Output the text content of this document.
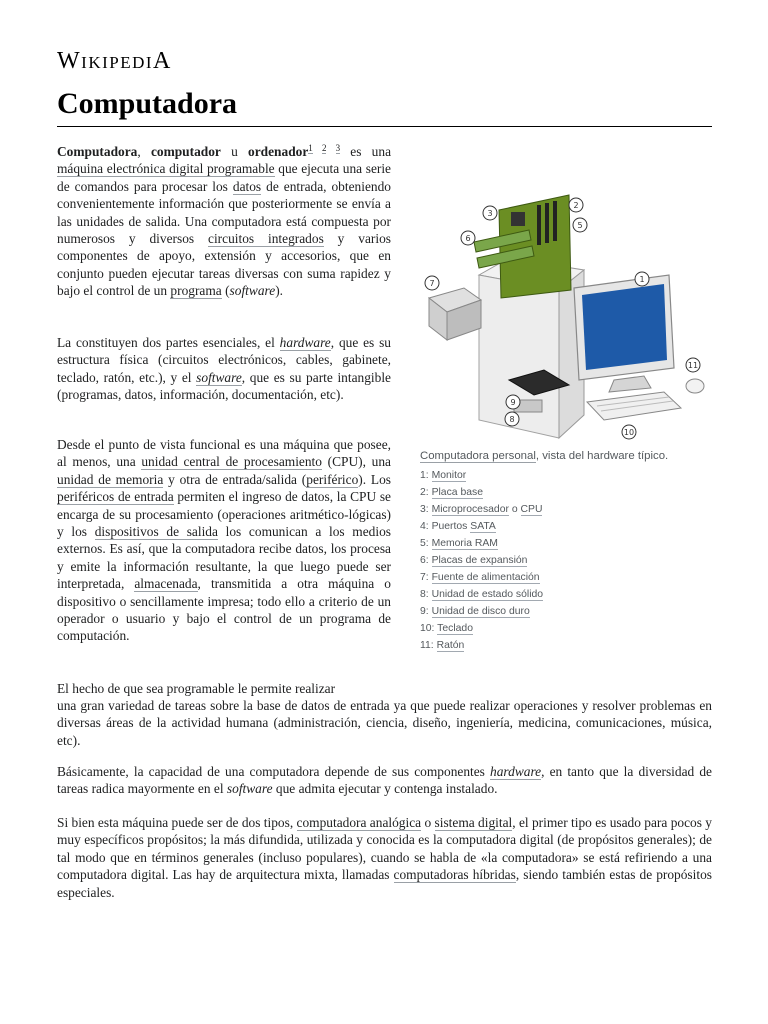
WIKIPEDIA
Computadora

Computadora, computador u ordenador$^{1 2 3}$ es una máquina electrónica digital programable que ejecuta una serie de comandos para procesar los datos de entrada, obteniendo convenientemente información que posteriormente se envía a las unidades de salida. Una computadora está compuesta por numerosos y diversos circuitos integrados y varios componentes de apoyo, extensión y accesorios, que en conjunto pueden ejecutar tareas diversas con suma rapidez y bajo el control de un programa (software).

La constituyen dos partes esenciales, el hardware, que es su estructura física (circuitos electrónicos, cables, gabinete, teclado, ratón, etc.), y el software, que es su parte intangible (programas, datos, información, documentación, etc).

Desde el punto de vista funcional es una máquina que posee, al menos, una unidad central de procesamiento (CPU), una unidad de memoria y otra de entrada/salida (periférico). Los periféricos de entrada permiten el ingreso de datos, la CPU se encarga de su procesamiento (operaciones aritmético-lógicas) y los dispositivos de salida los comunican a los medios externos. Es así, que la computadora recibe datos, los procesa y emite la información resultante, la que luego puede ser interpretada, almacenada, transmitida a otra máquina o dispositivo o sencillamente impresa; todo ello a criterio de un operador o usuario y bajo el control de un programa de computación.

1
2
3
5
6
7
8
9
10
11
Computadora personal, vista del hardware típico.
1: Monitor
2: Placa base
3: Microprocesador o CPU
4: Puertos SATA
5: Memoria RAM
6: Placas de expansión
7: Fuente de alimentación
8: Unidad de estado sólido
9: Unidad de disco duro
10: Teclado
11: Ratón

El hecho de que sea programable le permite realizar

una gran variedad de tareas sobre la base de datos de entrada ya que puede realizar operaciones y resolver problemas en diversas áreas de la actividad humana (administración, ciencia, diseño, ingeniería, medicina, comunicaciones, música, etc).

Básicamente, la capacidad de una computadora depende de sus componentes hardware, en tanto que la diversidad de tareas radica mayormente en el software que admita ejecutar y contenga instalado.

Si bien esta máquina puede ser de dos tipos, computadora analógica o sistema digital, el primer tipo es usado para pocos y muy específicos propósitos; la más difundida, utilizada y conocida es la computadora digital (de propósitos generales); de tal modo que en términos generales (incluso populares), cuando se habla de «la computadora» se está refiriendo a una computadora digital. Las hay de arquitectura mixta, llamadas computadoras híbridas, siendo también estas de propósitos especiales.
